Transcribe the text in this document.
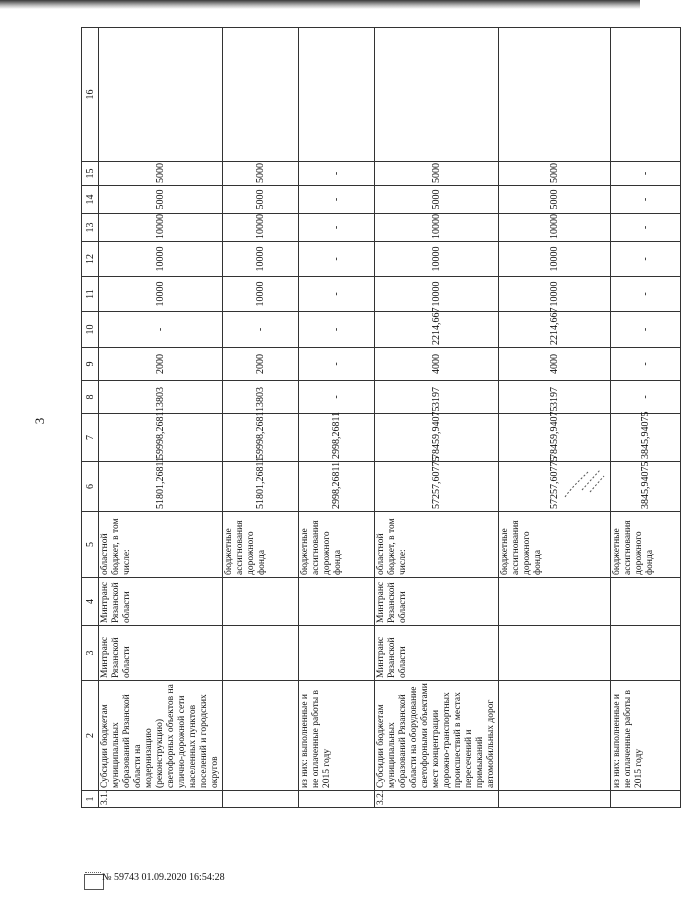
3
1	2	3	4	5	6	7	8	9	10	11	12	13	14	15	16
3.1.	Субсидии бюджетам муниципальных образований Рязанской области на модернизацию (реконструкцию) светофорных объектов на улично-дорожной сети населенных пунктов поселений и городских округов	Минтранс Рязанской области	Минтранс Рязанской области	областной бюджет, в том числе:	51801,26811	59998,26811	3803	2000	-	10000	10000	10000	5000	5000	
				бюджетные ассигнования дорожного фонда	51801,26811	59998,26811	3803	2000	-	10000	10000	10000	5000	5000	
	из них: выполненные и не оплаченные работы в 2015 году			бюджетные ассигнования дорожного фонда	2998,26811	2998,26811	-	-	-	-	-	-	-	-	
3.2.	Субсидии бюджетам муниципальных образований Рязанской области на оборудование светофорными объектами мест концентрации дорожно-транспортных происшествий в местах пересечений и примыканий автомобильных дорог	Минтранс Рязанской области	Минтранс Рязанской области	областной бюджет, в том числе:	57257,60775	78459,94075	3197	4000	2214,667	10000	10000	10000	5000	5000	
				бюджетные ассигнования дорожного фонда	57257,60775	78459,94075	3197	4000	2214,667	10000	10000	10000	5000	5000	
	из них: выполненные и не оплаченные работы в 2015 году			бюджетные ассигнования дорожного фонда	3845,94075	3845,94075	-	-	-	-	-	-	-	-	
№ 59743 01.09.2020 16:54:28
